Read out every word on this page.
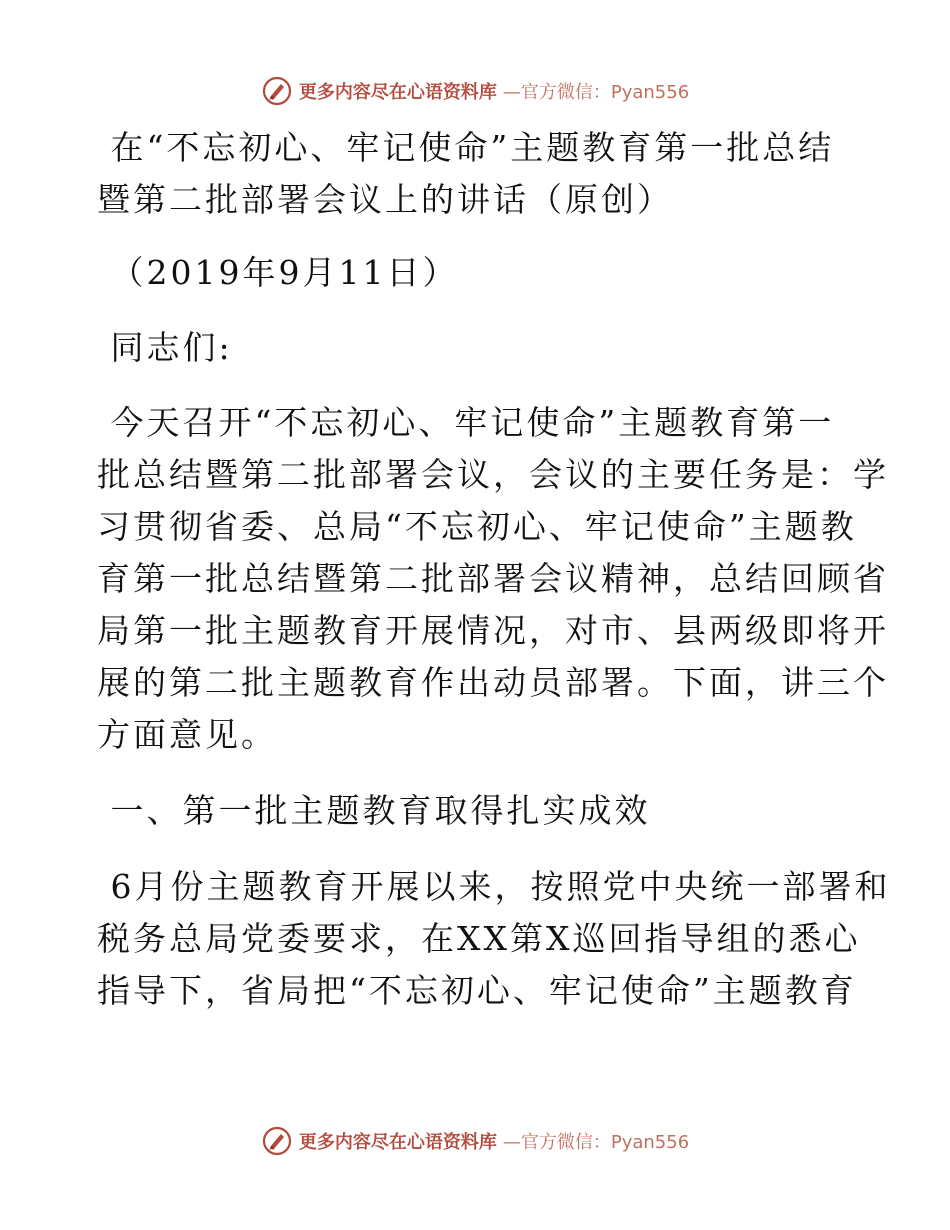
更多内容尽在心语资料库 —官方微信：Pyan556

在“不忘初心、牢记使命”主题教育第一批总结

暨第二批部署会议上的讲话（原创）

（2019年9月11日）

同志们:

今天召开“不忘初心、牢记使命”主题教育第一

批总结暨第二批部署会议，会议的主要任务是：学

习贯彻省委、总局“不忘初心、牢记使命”主题教

育第一批总结暨第二批部署会议精神，总结回顾省

局第一批主题教育开展情况，对市、县两级即将开

展的第二批主题教育作出动员部署。下面，讲三个

方面意见。

一、第一批主题教育取得扎实成效

6月份主题教育开展以来，按照党中央统一部署和

税务总局党委要求，在XX第X巡回指导组的悉心

指导下，省局把“不忘初心、牢记使命”主题教育

更多内容尽在心语资料库 —官方微信：Pyan556
